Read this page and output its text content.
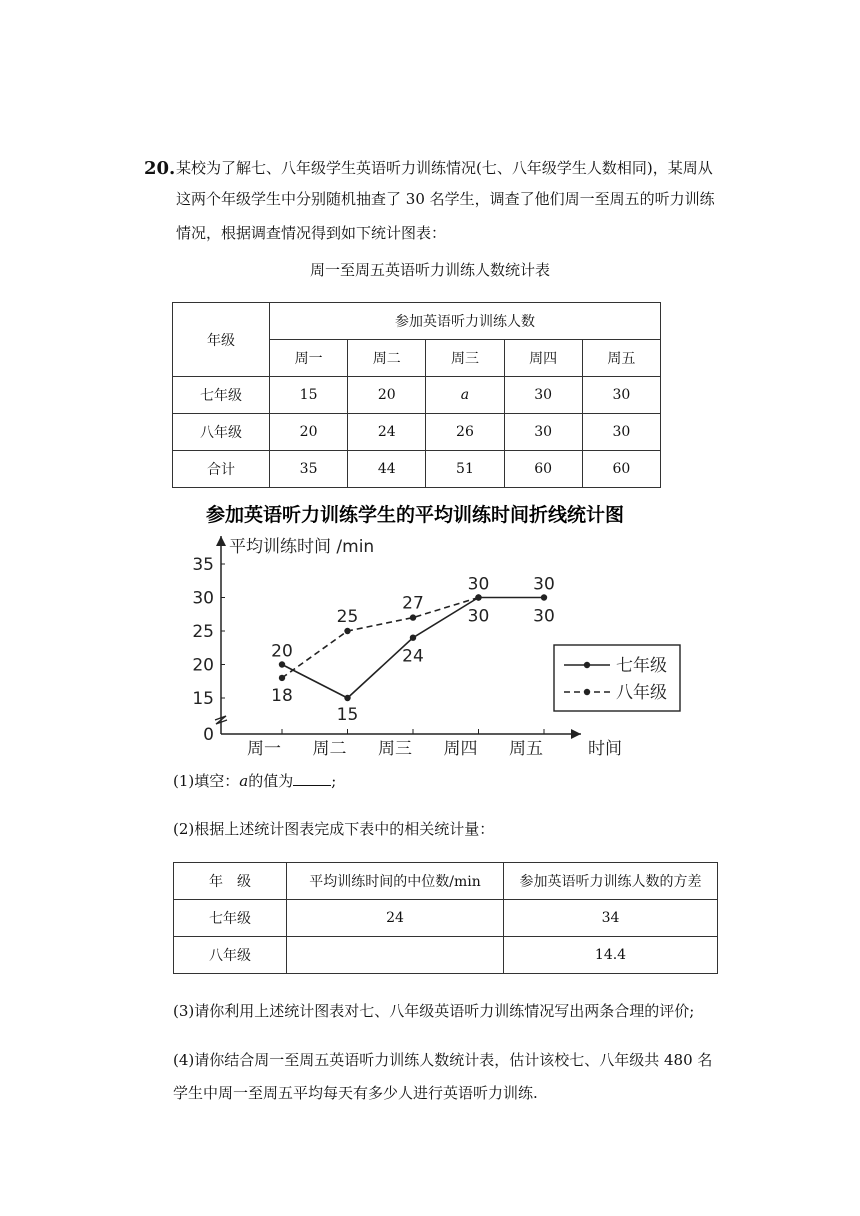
20. 某校为了解七、八年级学生英语听力训练情况(七、八年级学生人数相同)，某周从
这两个年级学生中分别随机抽查了 30 名学生，调查了他们周一至周五的听力训练
情况，根据调查情况得到如下统计图表：
周一至周五英语听力训练人数统计表
年级	参加英语听力训练人数				
	周一	周二	周三	周四	周五
七年级	15	20	a	30	30
八年级	20	24	26	30	30
合计	35	44	51	60	60
参加英语听力训练学生的平均训练时间折线统计图
平均训练时间 /min
时间
0
15
20
25
30
35
周一 周二 周三 周四 周五
20
15
24
30	30
18
25
27
30	30
七年级
八年级
(1)填空：a的值为	;
(2)根据上述统计图表完成下表中的相关统计量：
年　级	平均训练时间的中位数/min	参加英语听力训练人数的方差
七年级	24	34
八年级		14.4
(3)请你利用上述统计图表对七、八年级英语听力训练情况写出两条合理的评价;
(4)请你结合周一至周五英语听力训练人数统计表，估计该校七、八年级共 480 名
学生中周一至周五平均每天有多少人进行英语听力训练.
